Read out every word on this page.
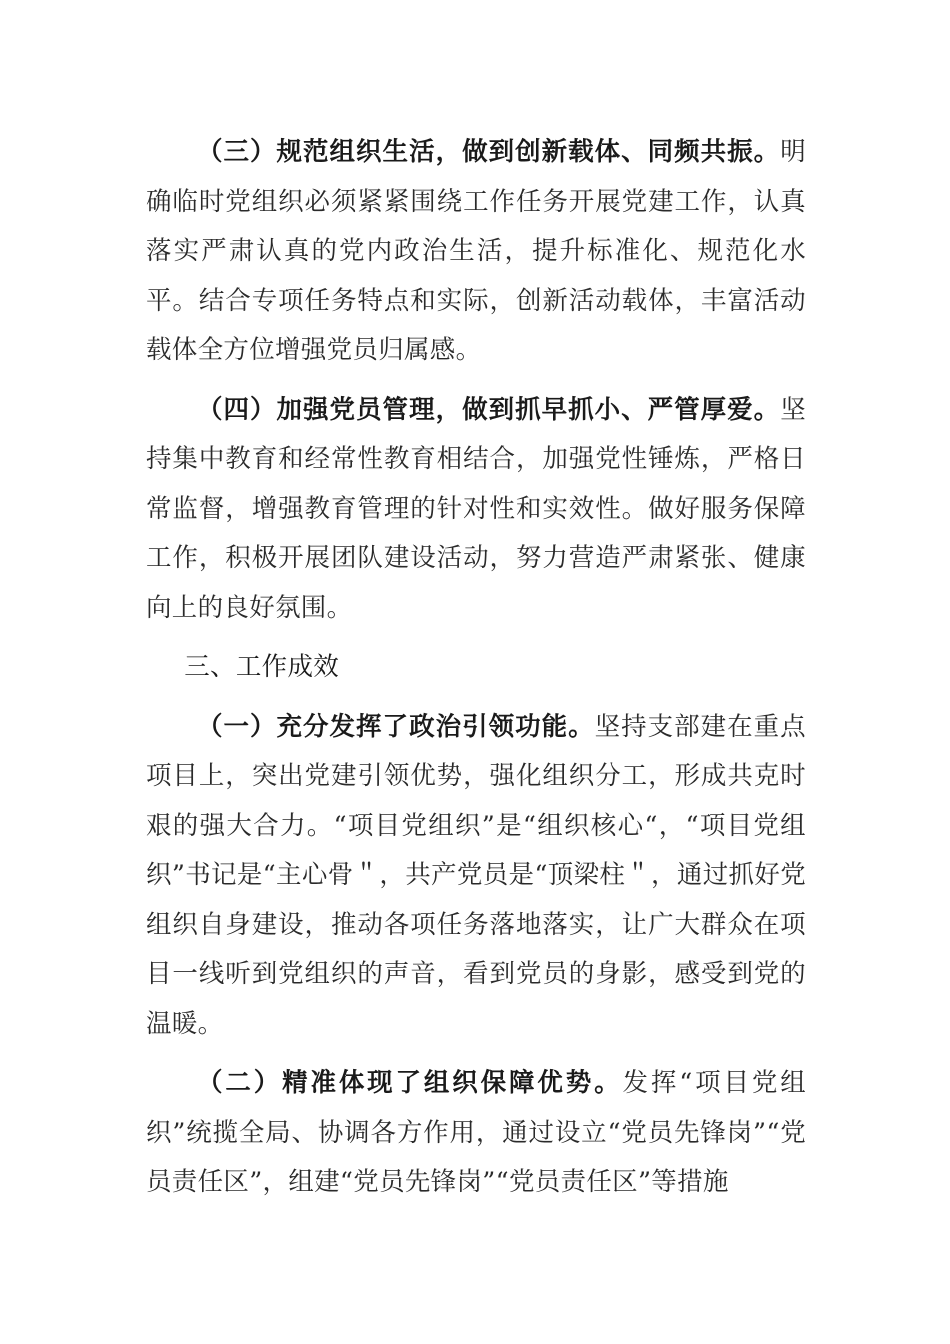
（三）规范组织生活，做到创新载体、同频共振。明确临时党组织必须紧紧围绕工作任务开展党建工作，认真落实严肃认真的党内政治生活，提升标准化、规范化水平。结合专项任务特点和实际，创新活动载体，丰富活动载体全方位增强党员归属感。

（四）加强党员管理，做到抓早抓小、严管厚爱。坚持集中教育和经常性教育相结合，加强党性锤炼，严格日常监督，增强教育管理的针对性和实效性。做好服务保障工作，积极开展团队建设活动，努力营造严肃紧张、健康向上的良好氛围。

三、工作成效

（一）充分发挥了政治引领功能。坚持支部建在重点项目上，突出党建引领优势，强化组织分工，形成共克时艰的强大合力。“项目党组织”是“组织核心“，“项目党组织”书记是“主心骨＂，共产党员是“顶梁柱＂，通过抓好党组织自身建设，推动各项任务落地落实，让广大群众在项目一线听到党组织的声音，看到党员的身影，感受到党的温暖。

（二）精准体现了组织保障优势。发挥“项目党组织”统揽全局、协调各方作用，通过设立“党员先锋岗”“党员责任区”，组建“党员先锋岗”“党员责任区”等措施
